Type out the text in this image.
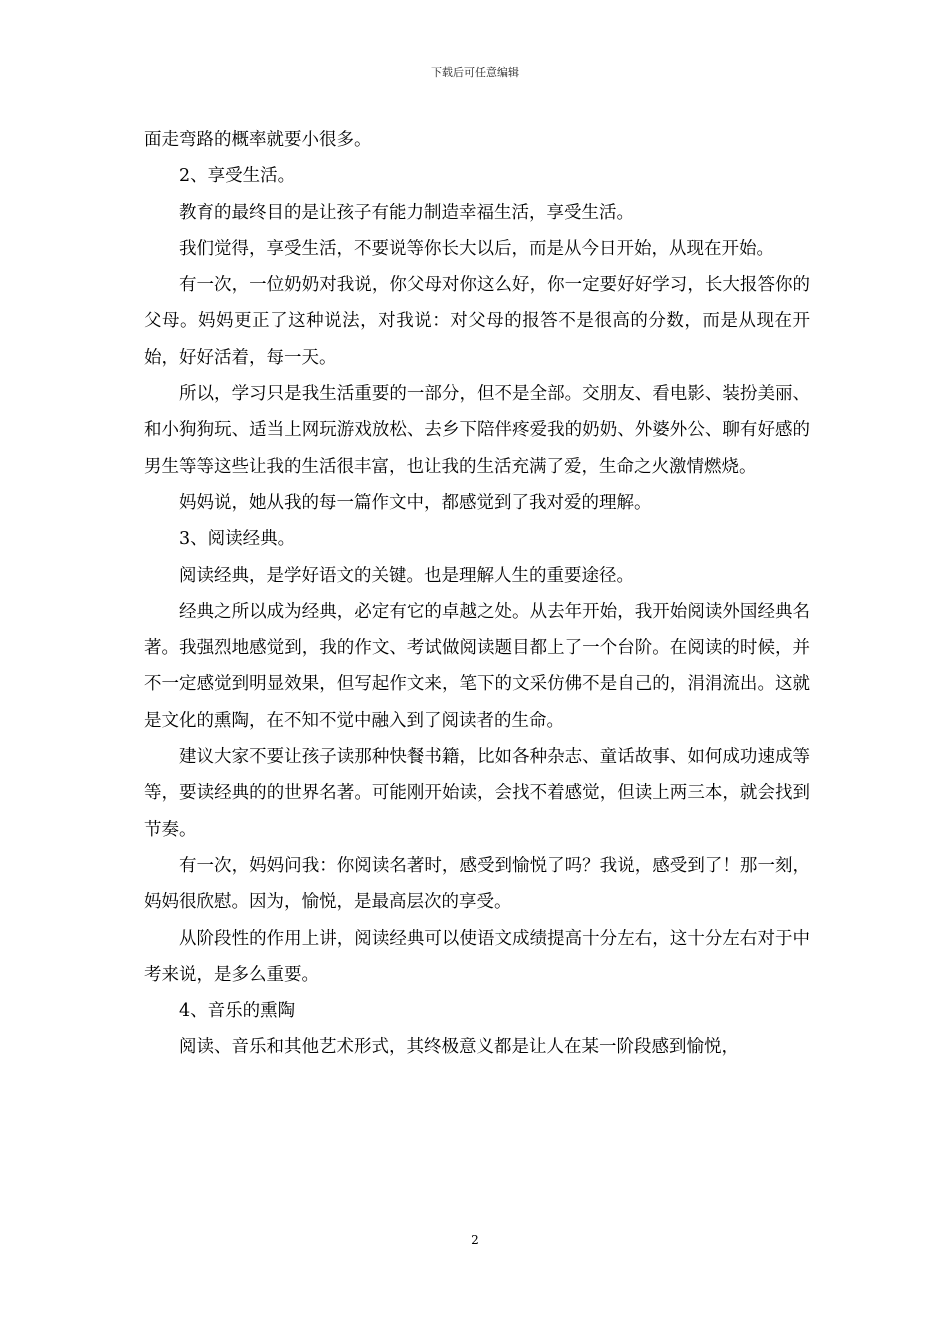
下载后可任意编辑

面走弯路的概率就要小很多。

2、享受生活。

教育的最终目的是让孩子有能力制造幸福生活，享受生活。

我们觉得，享受生活，不要说等你长大以后，而是从今日开始，从现在开始。

有一次，一位奶奶对我说，你父母对你这么好，你一定要好好学习，长大报答你的父母。妈妈更正了这种说法，对我说：对父母的报答不是很高的分数，而是从现在开始，好好活着，每一天。

所以，学习只是我生活重要的一部分，但不是全部。交朋友、看电影、装扮美丽、和小狗狗玩、适当上网玩游戏放松、去乡下陪伴疼爱我的奶奶、外婆外公、聊有好感的男生等等这些让我的生活很丰富，也让我的生活充满了爱，生命之火激情燃烧。

妈妈说，她从我的每一篇作文中，都感觉到了我对爱的理解。

3、阅读经典。

阅读经典，是学好语文的关键。也是理解人生的重要途径。

经典之所以成为经典，必定有它的卓越之处。从去年开始，我开始阅读外国经典名著。我强烈地感觉到，我的作文、考试做阅读题目都上了一个台阶。在阅读的时候，并不一定感觉到明显效果，但写起作文来，笔下的文采仿佛不是自己的，涓涓流出。这就是文化的熏陶，在不知不觉中融入到了阅读者的生命。

建议大家不要让孩子读那种快餐书籍，比如各种杂志、童话故事、如何成功速成等等，要读经典的的世界名著。可能刚开始读，会找不着感觉，但读上两三本，就会找到节奏。

有一次，妈妈问我：你阅读名著时，感受到愉悦了吗？我说，感受到了！那一刻，妈妈很欣慰。因为，愉悦，是最高层次的享受。

从阶段性的作用上讲，阅读经典可以使语文成绩提高十分左右，这十分左右对于中考来说，是多么重要。

4、音乐的熏陶

阅读、音乐和其他艺术形式，其终极意义都是让人在某一阶段感到愉悦，

2
